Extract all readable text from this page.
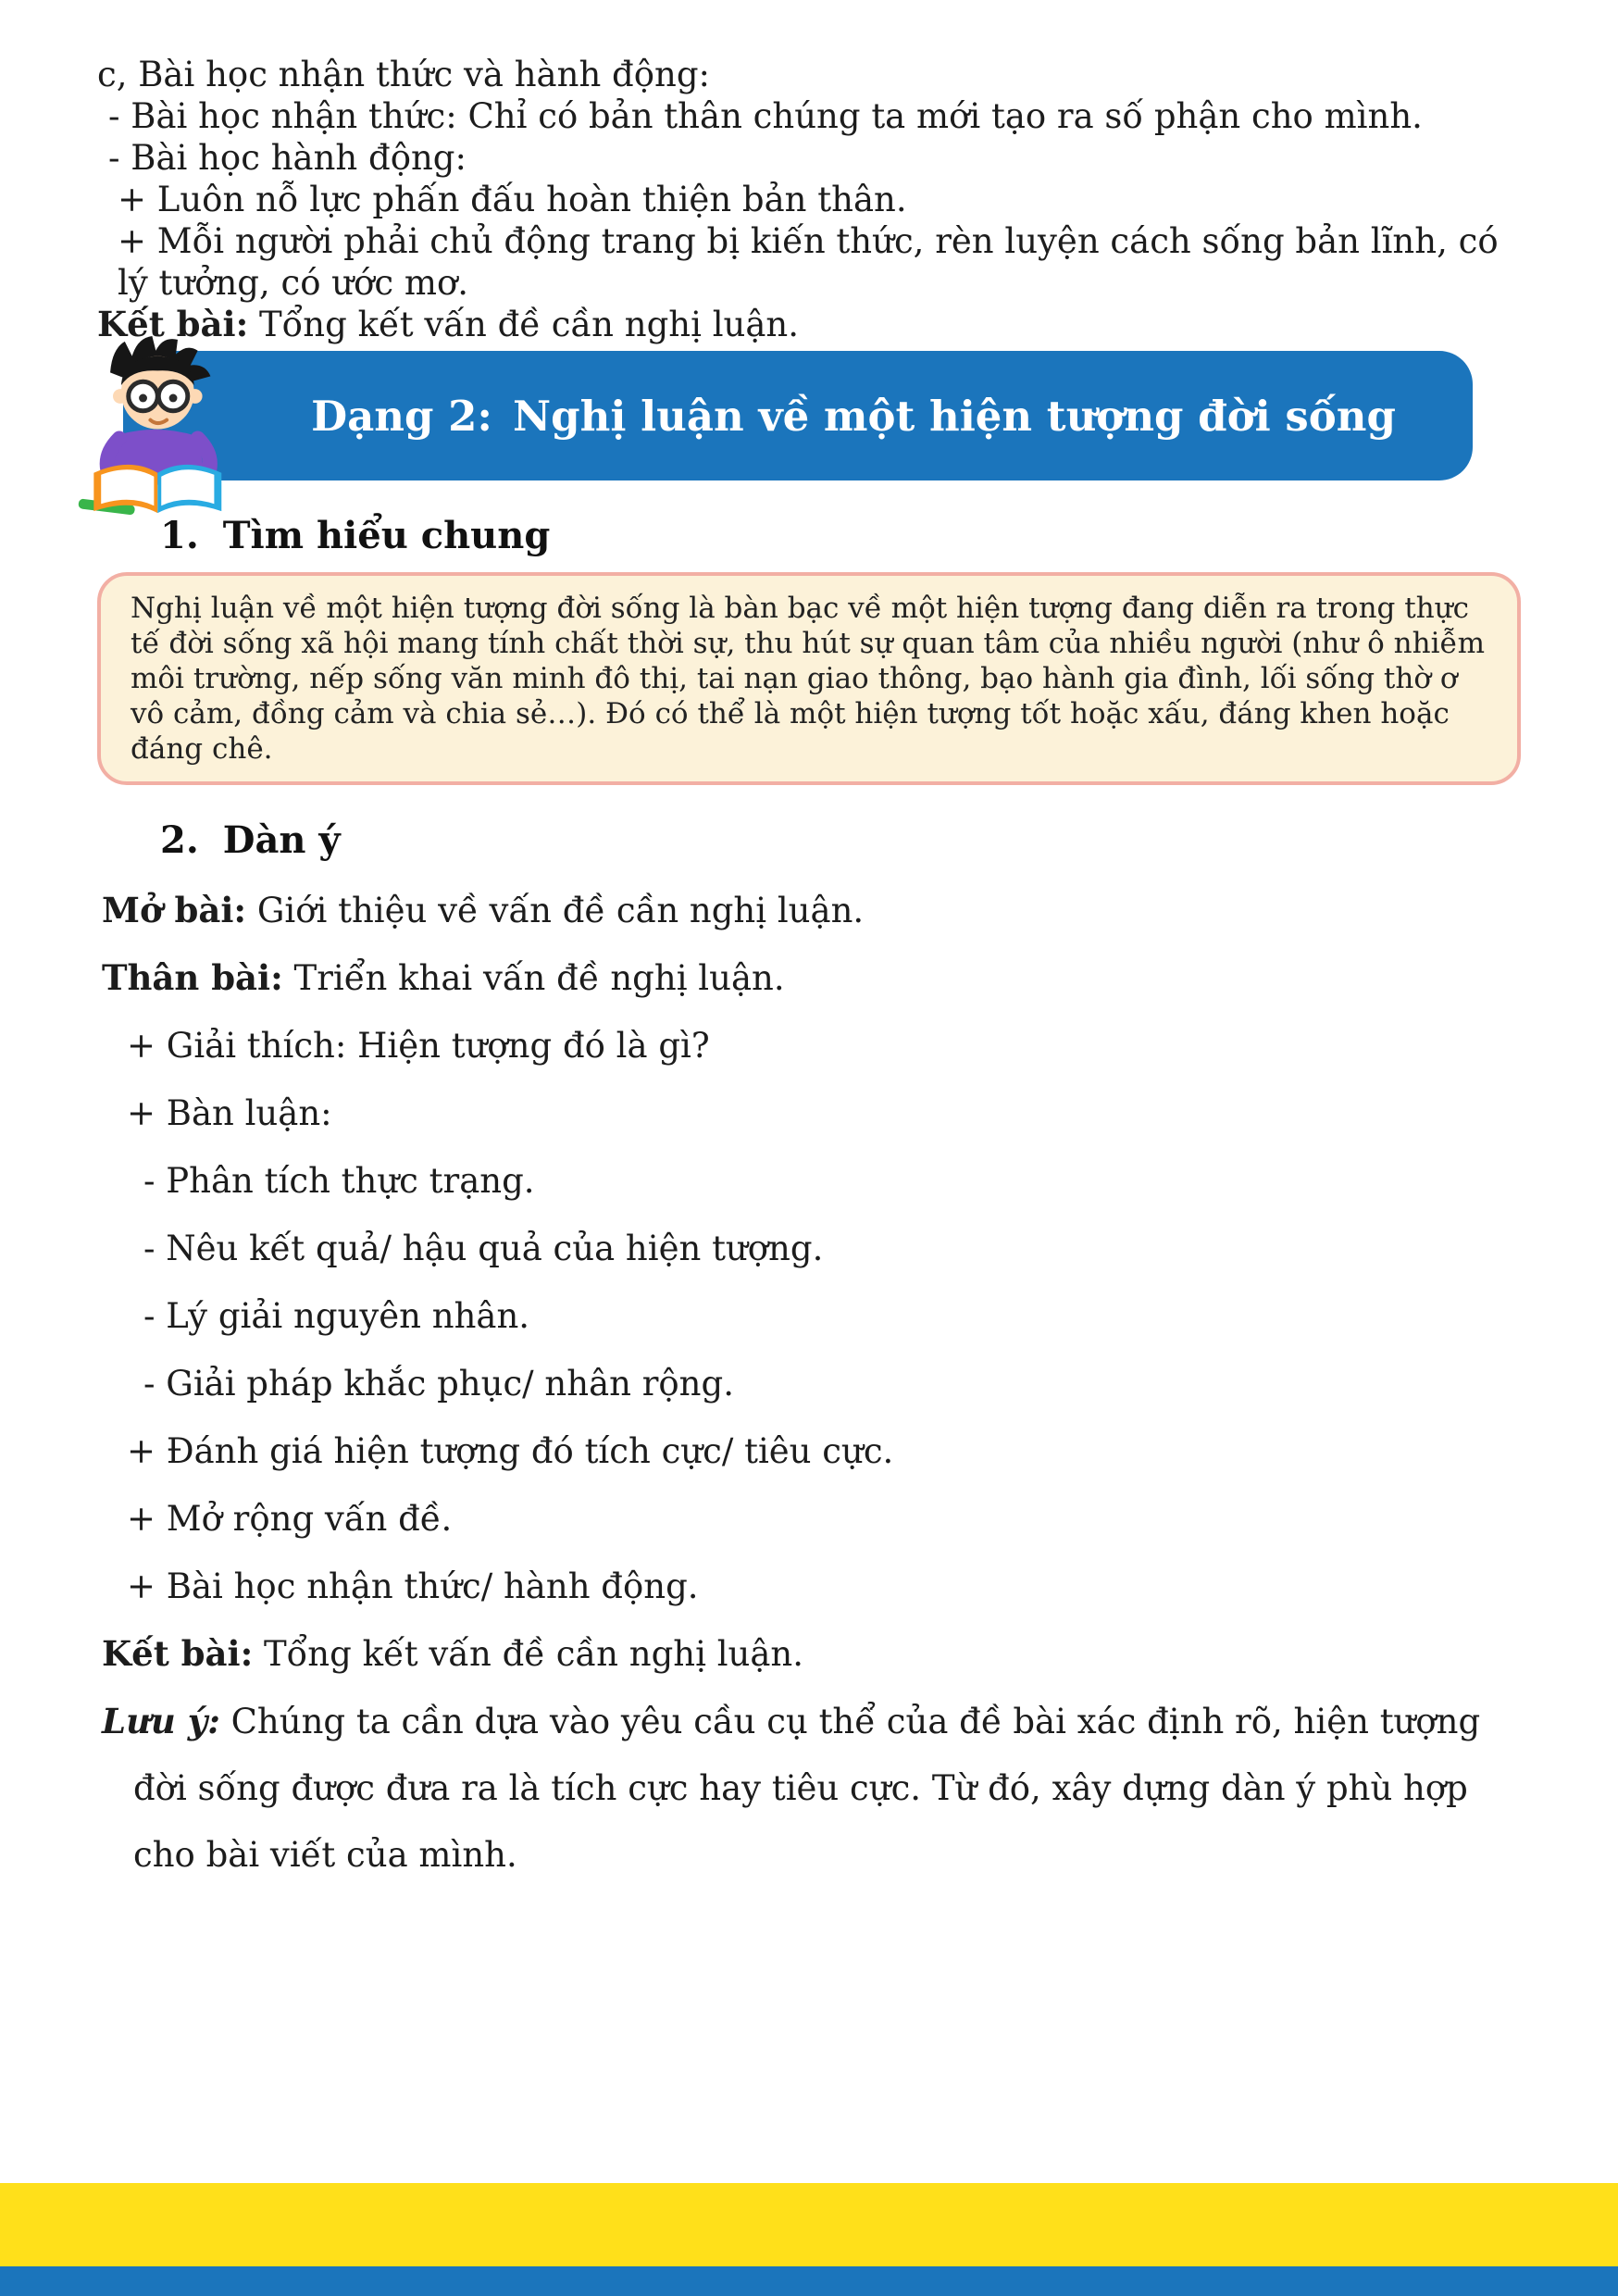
c, Bài học nhận thức và hành động:

- Bài học nhận thức: Chỉ có bản thân chúng ta mới tạo ra số phận cho mình.

- Bài học hành động:

+ Luôn nỗ lực phấn đấu hoàn thiện bản thân.

+ Mỗi người phải chủ động trang bị kiến thức, rèn luyện cách sống bản lĩnh, có lý tưởng, có ước mơ.

Kết bài: Tổng kết vấn đề cần nghị luận.

Dạng 2: Nghị luận về một hiện tượng đời sống
1. Tìm hiểu chung

Nghị luận về một hiện tượng đời sống là bàn bạc về một hiện tượng đang diễn ra trong thực tế đời sống xã hội mang tính chất thời sự, thu hút sự quan tâm của nhiều người (như ô nhiễm môi trường, nếp sống văn minh đô thị, tai nạn giao thông, bạo hành gia đình, lối sống thờ ơ vô cảm, đồng cảm và chia sẻ…). Đó có thể là một hiện tượng tốt hoặc xấu, đáng khen hoặc đáng chê.

2. Dàn ý

Mở bài: Giới thiệu về vấn đề cần nghị luận.

Thân bài: Triển khai vấn đề nghị luận.

+ Giải thích: Hiện tượng đó là gì?

+ Bàn luận:

- Phân tích thực trạng.

- Nêu kết quả/ hậu quả của hiện tượng.

- Lý giải nguyên nhân.

- Giải pháp khắc phục/ nhân rộng.

+ Đánh giá hiện tượng đó tích cực/ tiêu cực.

+ Mở rộng vấn đề.

+ Bài học nhận thức/ hành động.

Kết bài: Tổng kết vấn đề cần nghị luận.

Lưu ý: Chúng ta cần dựa vào yêu cầu cụ thể của đề bài xác định rõ, hiện tượng đời sống được đưa ra là tích cực hay tiêu cực. Từ đó, xây dựng dàn ý phù hợp cho bài viết của mình.
